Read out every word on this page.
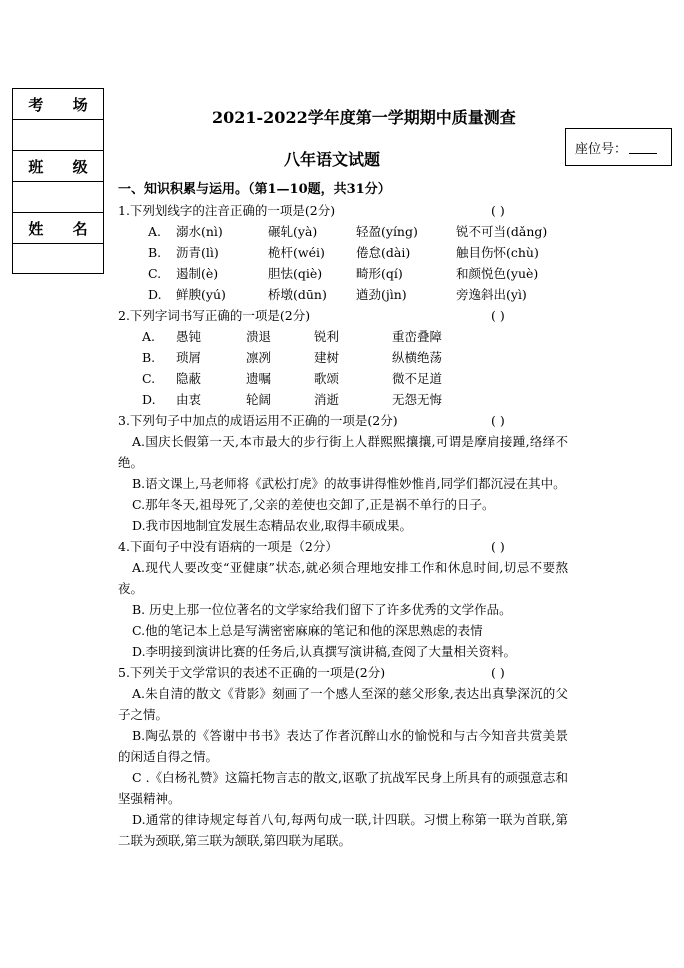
考 场
班 级
姓 名
2021-2022学年度第一学期期中质量测查
座位号：
八年语文试题
一、知识积累与运用。（第1—10题，共31分）
1.下列划线字的注音正确的一项是(2分)	( )
A. 溺水(nì)	碾轧(yà)	轻盈(yíng)	锐不可当(dǎng)
B. 沥青(lì)	桅杆(wéi) 倦怠(dài)	触目伤怀(chù)
C. 遏制(è)	胆怯(qiè)	畸形(qí)	和颜悦色(yuè)
D. 鲜腴(yú)	桥墩(dūn) 遒劲(jìn)	旁逸斜出(yì)
2.下列字词书写正确的一项是(2分)	( )
A. 愚钝	溃退	锐利	重峦叠障
B. 琐屑	凛冽	建树	纵横绝荡
C. 隐蔽	遗嘱	歌颂	微不足道
D. 由衷	轮阔	消逝	无怨无悔
3.下列句子中加点的成语运用不正确的一项是(2分)	( )

A.国庆长假第一天,本市最大的步行街上人群熙熙攘攘,可谓是摩肩接踵,络绎不绝。

B.语文课上,马老师将《武松打虎》的故事讲得惟妙惟肖,同学们都沉浸在其中。

C.那年冬天,祖母死了,父亲的差使也交卸了,正是祸不单行的日子。

D.我市因地制宜发展生态精品农业,取得丰硕成果。

4.下面句子中没有语病的一项是（2分）	( )

A.现代人要改变“亚健康”状态,就必须合理地安排工作和休息时间,切忌不要熬夜。

B. 历史上那一位位著名的文学家给我们留下了许多优秀的文学作品。

C.他的笔记本上总是写满密密麻麻的笔记和他的深思熟虑的表情

D.李明接到演讲比赛的任务后,认真撰写演讲稿,查阅了大量相关资料。

5.下列关于文学常识的表述不正确的一项是(2分)	( )

A.朱自清的散文《背影》刻画了一个感人至深的慈父形象,表达出真挚深沉的父子之情。

B.陶弘景的《答谢中书书》表达了作者沉醉山水的愉悦和与古今知音共赏美景的闲适自得之情。

C .《白杨礼赞》这篇托物言志的散文,讴歌了抗战军民身上所具有的顽强意志和坚强精神。

D.通常的律诗规定每首八句,每两句成一联,计四联。习惯上称第一联为首联,第二联为颈联,第三联为颔联,第四联为尾联。
